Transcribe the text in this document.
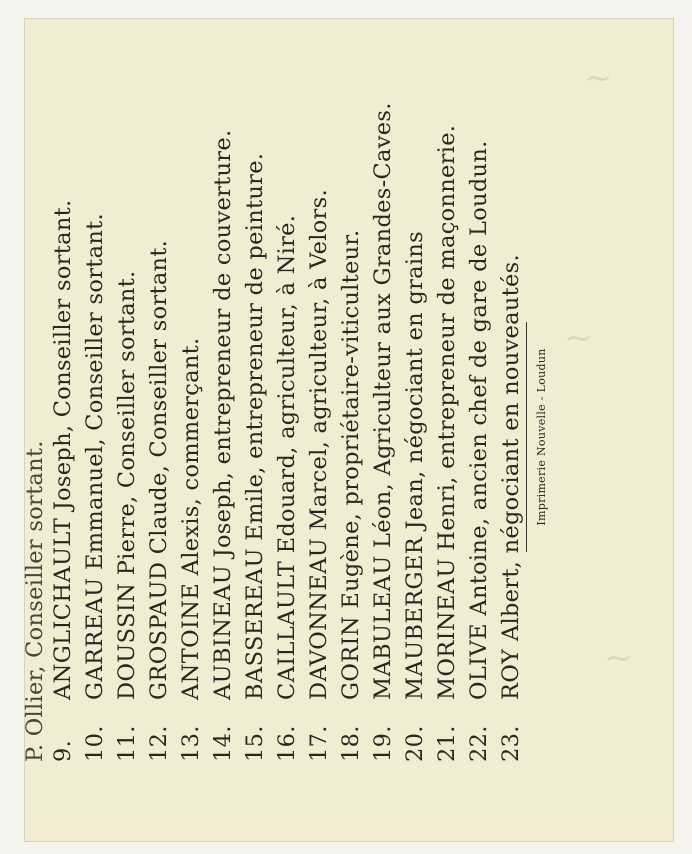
~
~
~
P. Ollier, Conseiller sortant. 9.ANGLICHAULT Joseph, Conseiller sortant.
10.GARREAU Emmanuel, Conseiller sortant.
11.DOUSSIN Pierre, Conseiller sortant.
12.GROSPAUD Claude, Conseiller sortant.
13.ANTOINE Alexis, commerçant.
14.AUBINEAU Joseph, entrepreneur de couverture.
15.BASSEREAU Emile, entrepreneur de peinture.
16.CAILLAULT Edouard, agriculteur, à Niré.
17.DAVONNEAU Marcel, agriculteur, à Velors.
18.GORIN Eugène, propriétaire-viticulteur.
19.MABULEAU Léon, Agriculteur aux Grandes-Caves.
20.MAUBERGER Jean, négociant en grains
21.MORINEAU Henri, entrepreneur de maçonnerie.
22.OLIVE Antoine, ancien chef de gare de Loudun.
23.ROY Albert, négociant en nouveautés.	Imprimerie Nouvelle - Loudun
